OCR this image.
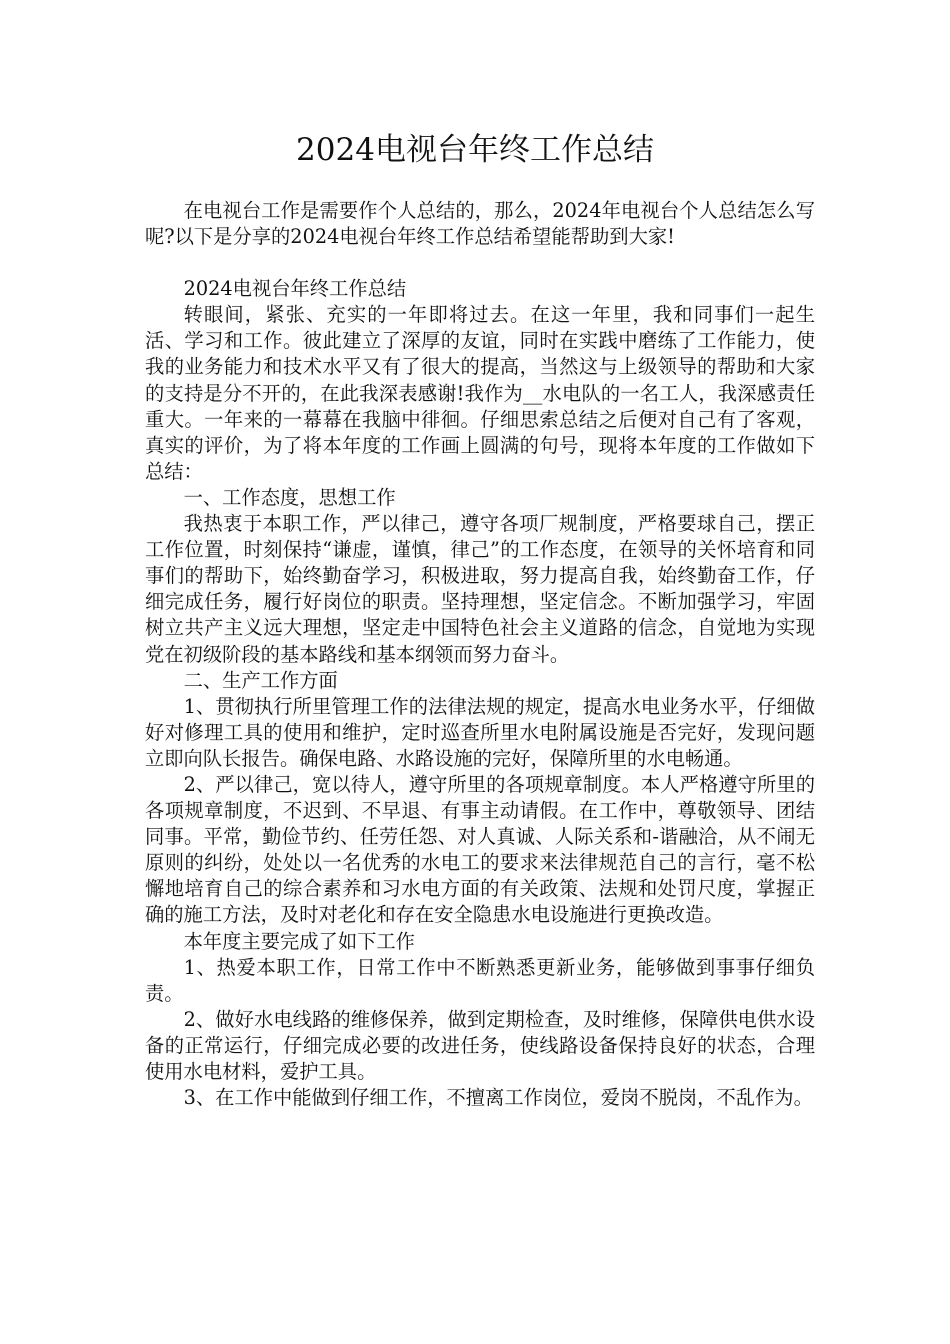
2024电视台年终工作总结

在电视台工作是需要作个人总结的，那么，2024年电视台个人总结怎么写呢?以下是分享的2024电视台年终工作总结希望能帮助到大家!

2024电视台年终工作总结

转眼间，紧张、充实的一年即将过去。在这一年里，我和同事们一起生活、学习和工作。彼此建立了深厚的友谊，同时在实践中磨练了工作能力，使我的业务能力和技术水平又有了很大的提高，当然这与上级领导的帮助和大家的支持是分不开的，在此我深表感谢!我作为__水电队的一名工人，我深感责任重大。一年来的一幕幕在我脑中徘徊。仔细思索总结之后便对自己有了客观，真实的评价，为了将本年度的工作画上圆满的句号，现将本年度的工作做如下总结：

一、工作态度，思想工作

我热衷于本职工作，严以律己，遵守各项厂规制度，严格要球自己，摆正工作位置，时刻保持“谦虚，谨慎，律己”的工作态度，在领导的关怀培育和同事们的帮助下，始终勤奋学习，积极进取，努力提高自我，始终勤奋工作，仔细完成任务，履行好岗位的职责。坚持理想，坚定信念。不断加强学习，牢固树立共产主义远大理想，坚定走中国特色社会主义道路的信念，自觉地为实现党在初级阶段的基本路线和基本纲领而努力奋斗。

二、生产工作方面

1、贯彻执行所里管理工作的法律法规的规定，提高水电业务水平，仔细做好对修理工具的使用和维护，定时巡查所里水电附属设施是否完好，发现问题立即向队长报告。确保电路、水路设施的完好，保障所里的水电畅通。

2、严以律己，宽以待人，遵守所里的各项规章制度。本人严格遵守所里的各项规章制度，不迟到、不早退、有事主动请假。在工作中，尊敬领导、团结同事。平常，勤俭节约、任劳任怨、对人真诚、人际关系和-谐融洽，从不闹无原则的纠纷，处处以一名优秀的水电工的要求来法律规范自己的言行，毫不松懈地培育自己的综合素养和习水电方面的有关政策、法规和处罚尺度，掌握正确的施工方法，及时对老化和存在安全隐患水电设施进行更换改造。

本年度主要完成了如下工作

1、热爱本职工作，日常工作中不断熟悉更新业务，能够做到事事仔细负责。

2、做好水电线路的维修保养，做到定期检查，及时维修，保障供电供水设备的正常运行，仔细完成必要的改进任务，使线路设备保持良好的状态，合理使用水电材料，爱护工具。

3、在工作中能做到仔细工作，不擅离工作岗位，爱岗不脱岗，不乱作为。
